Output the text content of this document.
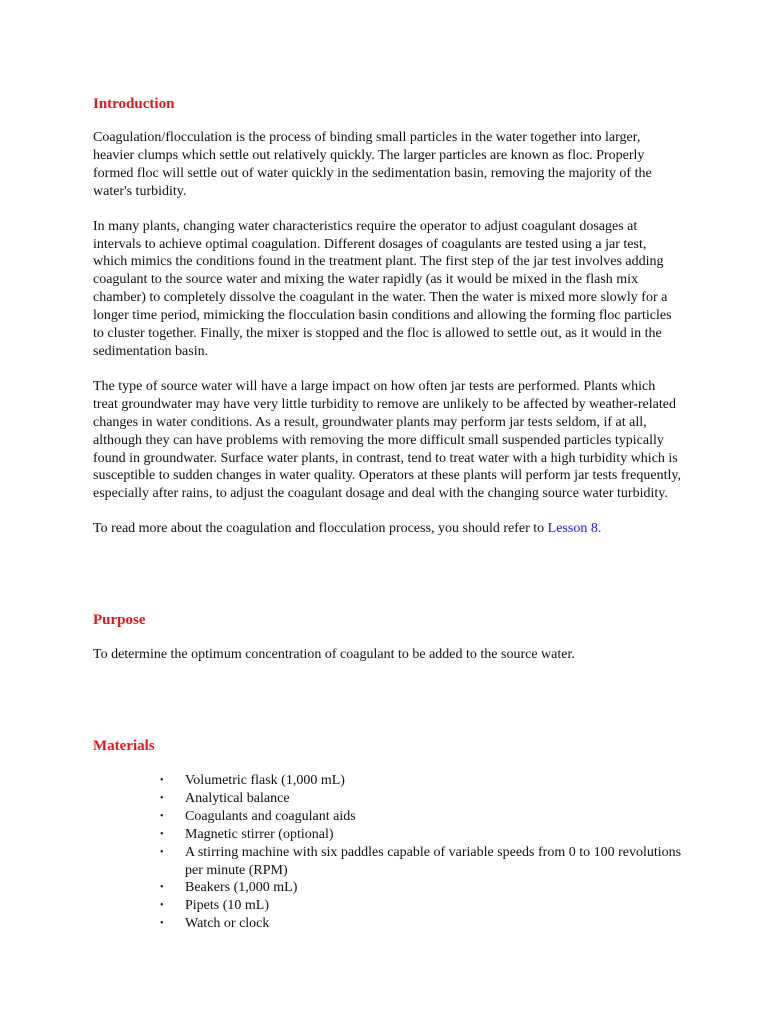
Introduction

Coagulation/flocculation is the process of binding small particles in the water together into larger, heavier clumps which settle out relatively quickly. The larger particles are known as floc. Properly formed floc will settle out of water quickly in the sedimentation basin, removing the majority of the water's turbidity.

In many plants, changing water characteristics require the operator to adjust coagulant dosages at intervals to achieve optimal coagulation. Different dosages of coagulants are tested using a jar test, which mimics the conditions found in the treatment plant. The first step of the jar test involves adding coagulant to the source water and mixing the water rapidly (as it would be mixed in the flash mix chamber) to completely dissolve the coagulant in the water. Then the water is mixed more slowly for a longer time period, mimicking the flocculation basin conditions and allowing the forming floc particles to cluster together. Finally, the mixer is stopped and the floc is allowed to settle out, as it would in the sedimentation basin.

The type of source water will have a large impact on how often jar tests are performed. Plants which treat groundwater may have very little turbidity to remove are unlikely to be affected by weather-related changes in water conditions. As a result, groundwater plants may perform jar tests seldom, if at all, although they can have problems with removing the more difficult small suspended particles typically found in groundwater. Surface water plants, in contrast, tend to treat water with a high turbidity which is susceptible to sudden changes in water quality. Operators at these plants will perform jar tests frequently, especially after rains, to adjust the coagulant dosage and deal with the changing source water turbidity.

To read more about the coagulation and flocculation process, you should refer to Lesson 8.

Purpose

To determine the optimum concentration of coagulant to be added to the source water.

Materials
• Volumetric flask (1,000 mL)
• Analytical balance
• Coagulants and coagulant aids
• Magnetic stirrer (optional)
• A stirring machine with six paddles capable of variable speeds from 0 to 100 revolutions per minute (RPM)
• Beakers (1,000 mL)
• Pipets (10 mL)
• Watch or clock
